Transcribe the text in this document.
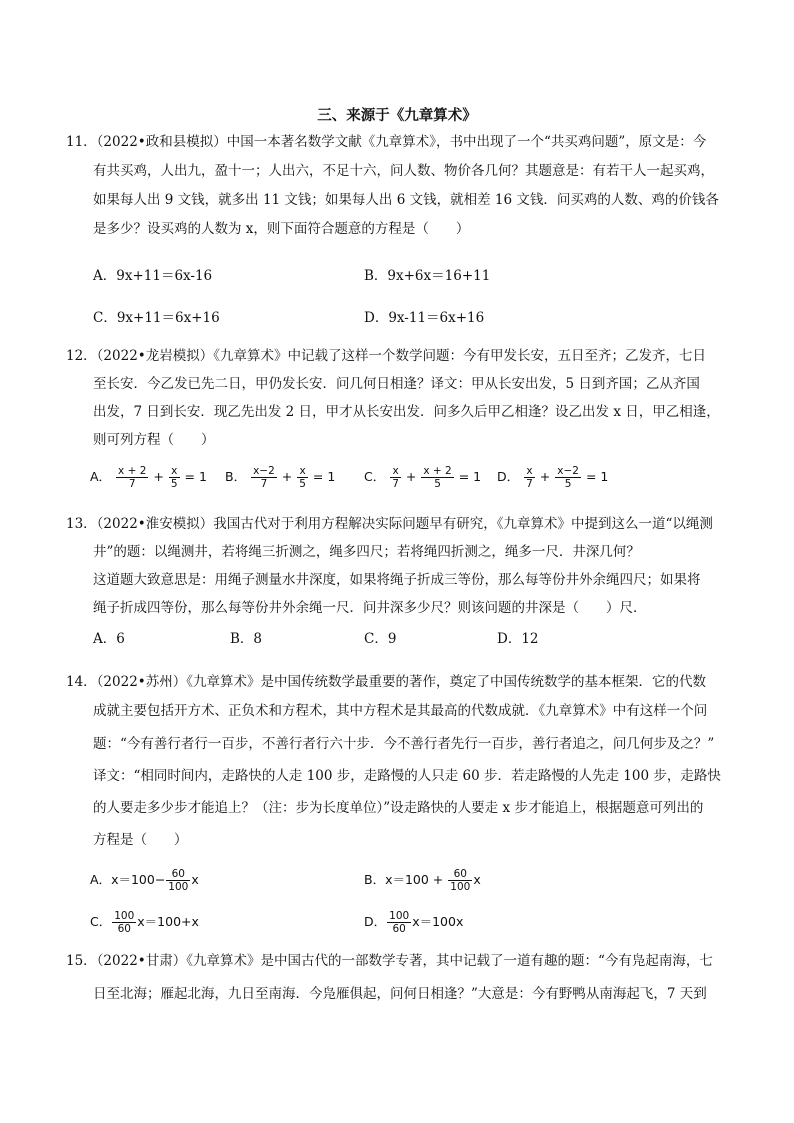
三、来源于《九章算术》
11．（2022•政和县模拟）中国一本著名数学文献《九章算术》，书中出现了一个“共买鸡问题”，原文是：今
有共买鸡，人出九，盈十一；人出六，不足十六，问人数、物价各几何？其题意是：有若干人一起买鸡，
如果每人出 9 文钱，就多出 11 文钱；如果每人出 6 文钱，就相差 16 文钱．问买鸡的人数、鸡的价钱各
是多少？设买鸡的人数为 x，则下面符合题意的方程是（　　）
A．9x+11＝6x-16	B．9x+6x＝16+11
C．9x+11＝6x+16	D．9x-11＝6x+16
12．（2022•龙岩模拟）《九章算术》中记载了这样一个数学问题：今有甲发长安，五日至齐；乙发齐，七日
至长安．今乙发已先二日，甲仍发长安．问几何日相逢？译文：甲从长安出发，5 日到齐国；乙从齐国
出发，7 日到长安．现乙先出发 2 日，甲才从长安出发．问多久后甲乙相逢？设乙出发 x 日，甲乙相逢，
则可列方程（　　）
A． $\frac{x + 2}{7} + \frac{x}{5} = 1$ B． $\frac{x-2}{7} + \frac{x}{5} = 1$ C． $\frac{x}{7} + \frac{x + 2}{5} = 1$ D． $\frac{x}{7} + \frac{x-2}{5} = 1$
13．（2022•淮安模拟）我国古代对于利用方程解决实际问题早有研究，《九章算术》中提到这么一道“以绳测
井”的题：以绳测井，若将绳三折测之，绳多四尺；若将绳四折测之，绳多一尺．井深几何？
这道题大致意思是：用绳子测量水井深度，如果将绳子折成三等份，那么每等份井外余绳四尺；如果将
绳子折成四等份，那么每等份井外余绳一尺．问井深多少尺？则该问题的井深是（　　）尺．
A．6	B．8	C．9	D．12
14．（2022•苏州）《九章算术》是中国传统数学最重要的著作，奠定了中国传统数学的基本框架．它的代数
成就主要包括开方术、正负术和方程术，其中方程术是其最高的代数成就．《九章算术》中有这样一个问
题：“今有善行者行一百步，不善行者行六十步．今不善行者先行一百步，善行者追之，问几何步及之？”
译文：“相同时间内，走路快的人走 100 步，走路慢的人只走 60 步．若走路慢的人先走 100 步，走路快
的人要走多少步才能追上？（注：步为长度单位）”设走路快的人要走 x 步才能追上，根据题意可列出的
方程是（　　）
A．$x=100- \frac{60}{100}$ x	B．$x=100 + \frac{60}{100}$ x
C． $\frac{100}{60} x=100+x$	D． $\frac{100}{60} x=100x$
15．（2022•甘肃）《九章算术》是中国古代的一部数学专著，其中记载了一道有趣的题：“今有凫起南海，七
日至北海；雁起北海，九日至南海．今凫雁俱起，问何日相逢？”大意是：今有野鸭从南海起飞，7 天到
